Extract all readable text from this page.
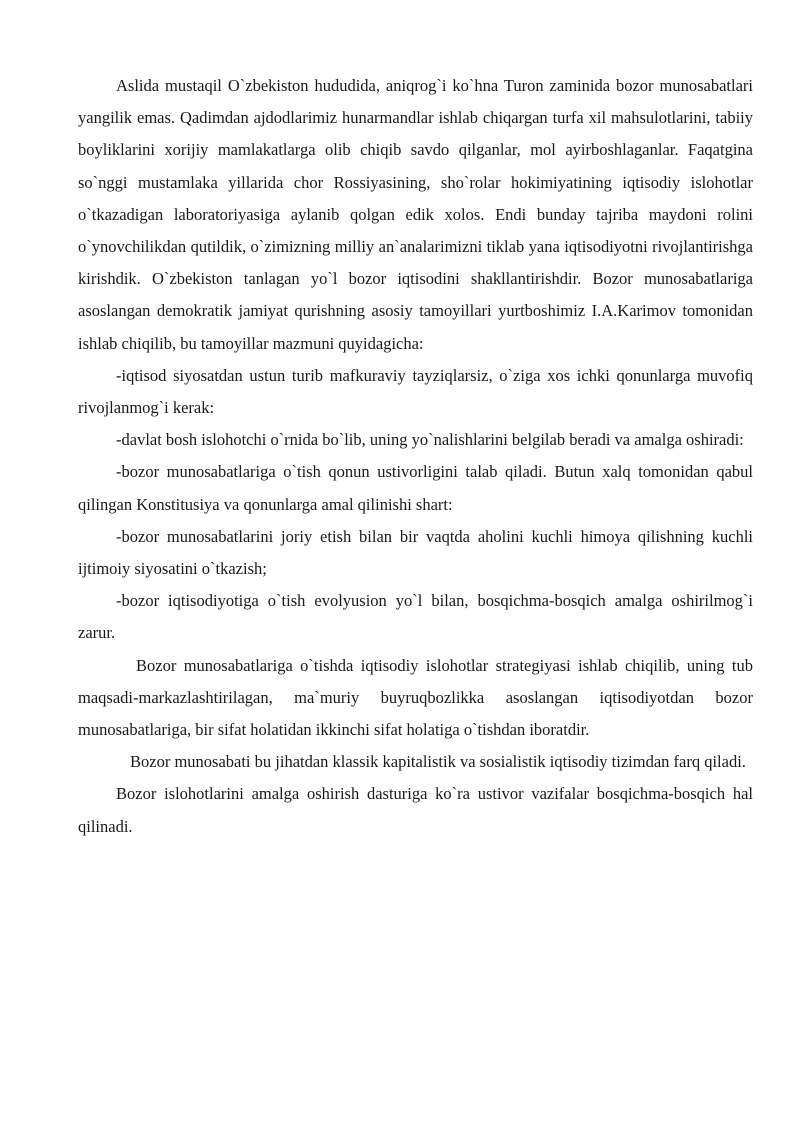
Aslida mustaqil O`zbekiston hududida, aniqrog`i ko`hna Turon zaminida bozor munosabatlari yangilik emas. Qadimdan ajdodlarimiz hunarmandlar ishlab chiqargan turfa xil mahsulotlarini, tabiiy boyliklarini xorijiy mamlakatlarga olib chiqib savdo qilganlar, mol ayirboshlaganlar. Faqatgina so`nggi mustamlaka yillarida chor Rossiyasining, sho`rolar hokimiyatining iqtisodiy islohotlar o`tkazadigan laboratoriyasiga aylanib qolgan edik xolos. Endi bunday tajriba maydoni rolini o`ynovchilikdan qutildik, o`zimizning milliy an`analarimizni tiklab yana iqtisodiyotni rivojlantirishga kirishdik. O`zbekiston tanlagan yo`l bozor iqtisodini shakllantirishdir. Bozor munosabatlariga asoslangan demokratik jamiyat qurishning asosiy tamoyillari yurtboshimiz I.A.Karimov tomonidan ishlab chiqilib, bu tamoyillar mazmuni quyidagicha:

-iqtisod siyosatdan ustun turib mafkuraviy tayziqlarsiz, o`ziga xos ichki qonunlarga muvofiq rivojlanmog`i kerak:

-davlat bosh islohotchi o`rnida bo`lib, uning yo`nalishlarini belgilab beradi va amalga oshiradi:

-bozor munosabatlariga o`tish qonun ustivorligini talab qiladi. Butun xalq tomonidan qabul qilingan Konstitusiya va qonunlarga amal qilinishi shart:

-bozor munosabatlarini joriy etish bilan bir vaqtda aholini kuchli himoya qilishning kuchli ijtimoiy siyosatini o`tkazish;

-bozor iqtisodiyotiga o`tish evolyusion yo`l bilan, bosqichma-bosqich amalga oshirilmog`i zarur.

Bozor munosabatlariga o`tishda iqtisodiy islohotlar strategiyasi ishlab chiqilib, uning tub maqsadi-markazlashtirilagan, ma`muriy buyruqbozlikka asoslangan iqtisodiyotdan bozor munosabatlariga, bir sifat holatidan ikkinchi sifat holatiga o`tishdan iboratdir.

Bozor munosabati bu jihatdan klassik kapitalistik va sosialistik iqtisodiy tizimdan farq qiladi.

Bozor islohotlarini amalga oshirish dasturiga ko`ra ustivor vazifalar bosqichma-bosqich hal qilinadi.
